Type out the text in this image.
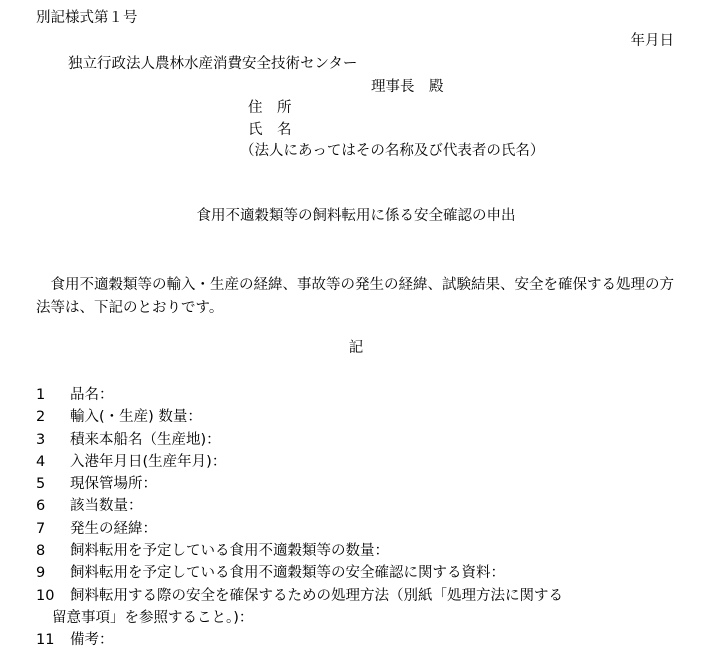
別記様式第１号
年月日
独立行政法人農林水産消費安全技術センター
理事長　殿
住　所
氏　名
（法人にあってはその名称及び代表者の氏名）
食用不適穀類等の飼料転用に係る安全確認の申出
食用不適穀類等の輸入・生産の経緯、事故等の発生の経緯、試験結果、安全を確保する処理の方法等は、下記のとおりです。
記
1	品名：
2	輸入(・生産) 数量：
3	積来本船名（生産地)：
4	入港年月日(生産年月)：
5	現保管場所：
6	該当数量：
7	発生の経緯：
8	飼料転用を予定している食用不適穀類等の数量：
9	飼料転用を予定している食用不適穀類等の安全確認に関する資料：
10 飼料転用する際の安全を確保するための処理方法（別紙「処理方法に関する
留意事項」を参照すること。)：
11	備考：
